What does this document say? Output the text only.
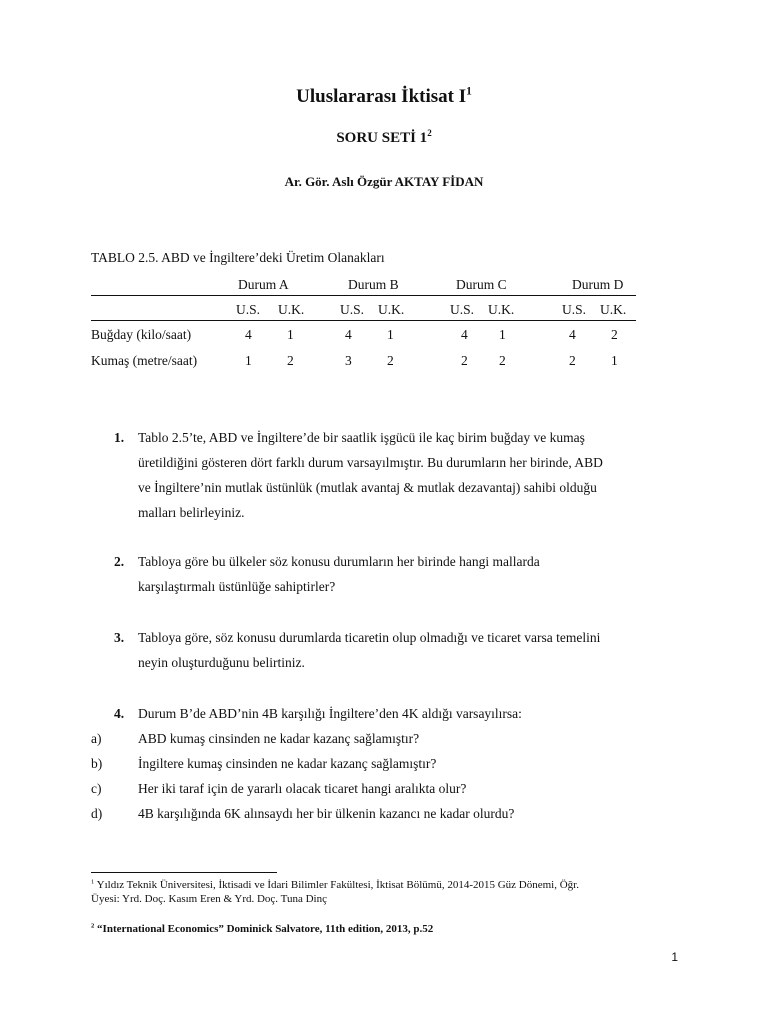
Uluslararası İktisat $I^1$
SORU SETİ $1^2$
Ar. Gör. Aslı Özgür AKTAY FİDAN
TABLO 2.5. ABD ve İngiltere’deki Üretim Olanakları
Durum A	Durum B	Durum C	Durum D
U.S. U.K.	U.S. U.K.	U.S. U.K.	U.S. U.K.
Buğday (kilo/saat)	4	1	4	1	4 1	4	2
Kumaş (metre/saat)	1	2	3	2	2 2	2	1
1. Tablo 2.5’te, ABD ve İngiltere’de bir saatlik işgücü ile kaç birim buğday ve kumaş
üretildiğini gösteren dört farklı durum varsayılmıştır. Bu durumların her birinde, ABD
ve İngiltere’nin mutlak üstünlük (mutlak avantaj & mutlak dezavantaj) sahibi olduğu
malları belirleyiniz.
2. Tabloya göre bu ülkeler söz konusu durumların her birinde hangi mallarda
karşılaştırmalı üstünlüğe sahiptirler?
3. Tabloya göre, söz konusu durumlarda ticaretin olup olmadığı ve ticaret varsa temelini
neyin oluşturduğunu belirtiniz.
4. Durum B’de ABD’nin 4B karşılığı İngiltere’den 4K aldığı varsayılırsa:
a)	ABD kumaş cinsinden ne kadar kazanç sağlamıştır?
b)	İngiltere kumaş cinsinden ne kadar kazanç sağlamıştır?
c)	Her iki taraf için de yararlı olacak ticaret hangi aralıkta olur?
d)	4B karşılığında 6K alınsaydı her bir ülkenin kazancı ne kadar olurdu?
$^1$ Yıldız Teknik Üniversitesi, İktisadi ve İdari Bilimler Fakültesi, İktisat Bölümü, 2014-2015 Güz Dönemi, Öğr.
Üyesi: Yrd. Doç. Kasım Eren & Yrd. Doç. Tuna Dinç
$^2$ “International Economics” Dominick Salvatore, 11th edition, 2013, p.52
1
